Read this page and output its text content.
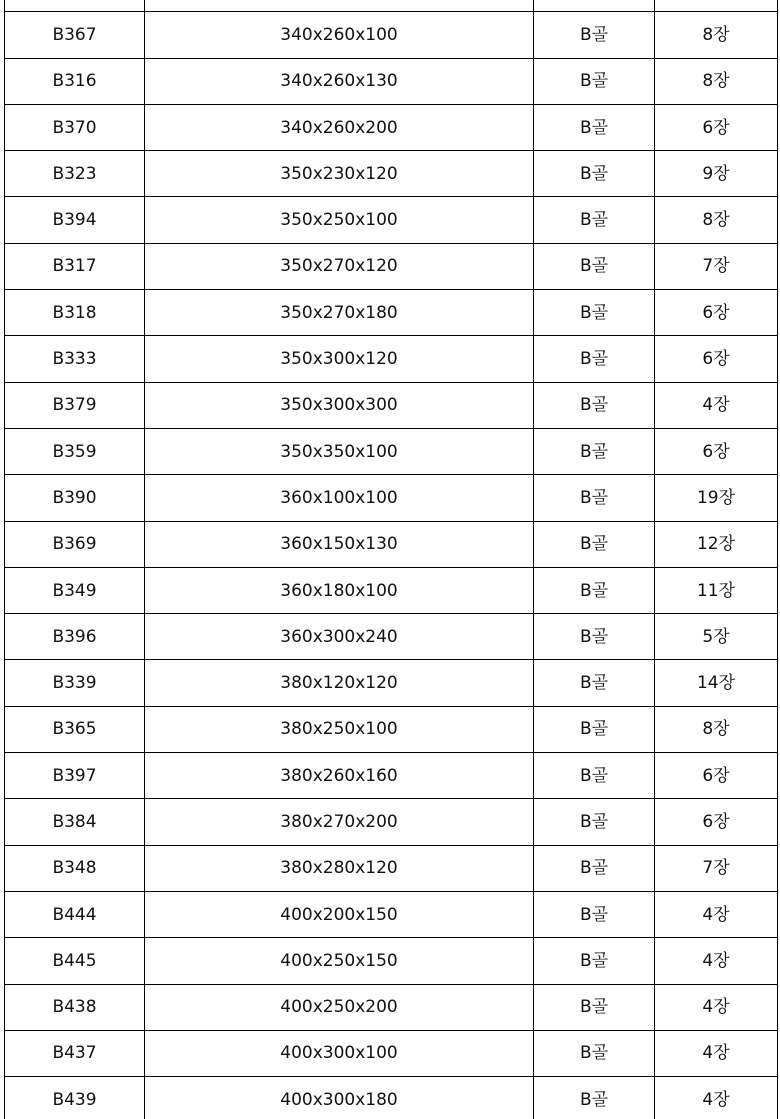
B367	340x260x100	B골	8장
B316	340x260x130	B골	8장
B370	340x260x200	B골	6장
B323	350x230x120	B골	9장
B394	350x250x100	B골	8장
B317	350x270x120	B골	7장
B318	350x270x180	B골	6장
B333	350x300x120	B골	6장
B379	350x300x300	B골	4장
B359	350x350x100	B골	6장
B390	360x100x100	B골	19장
B369	360x150x130	B골	12장
B349	360x180x100	B골	11장
B396	360x300x240	B골	5장
B339	380x120x120	B골	14장
B365	380x250x100	B골	8장
B397	380x260x160	B골	6장
B384	380x270x200	B골	6장
B348	380x280x120	B골	7장
B444	400x200x150	B골	4장
B445	400x250x150	B골	4장
B438	400x250x200	B골	4장
B437	400x300x100	B골	4장
B439	400x300x180	B골	4장
